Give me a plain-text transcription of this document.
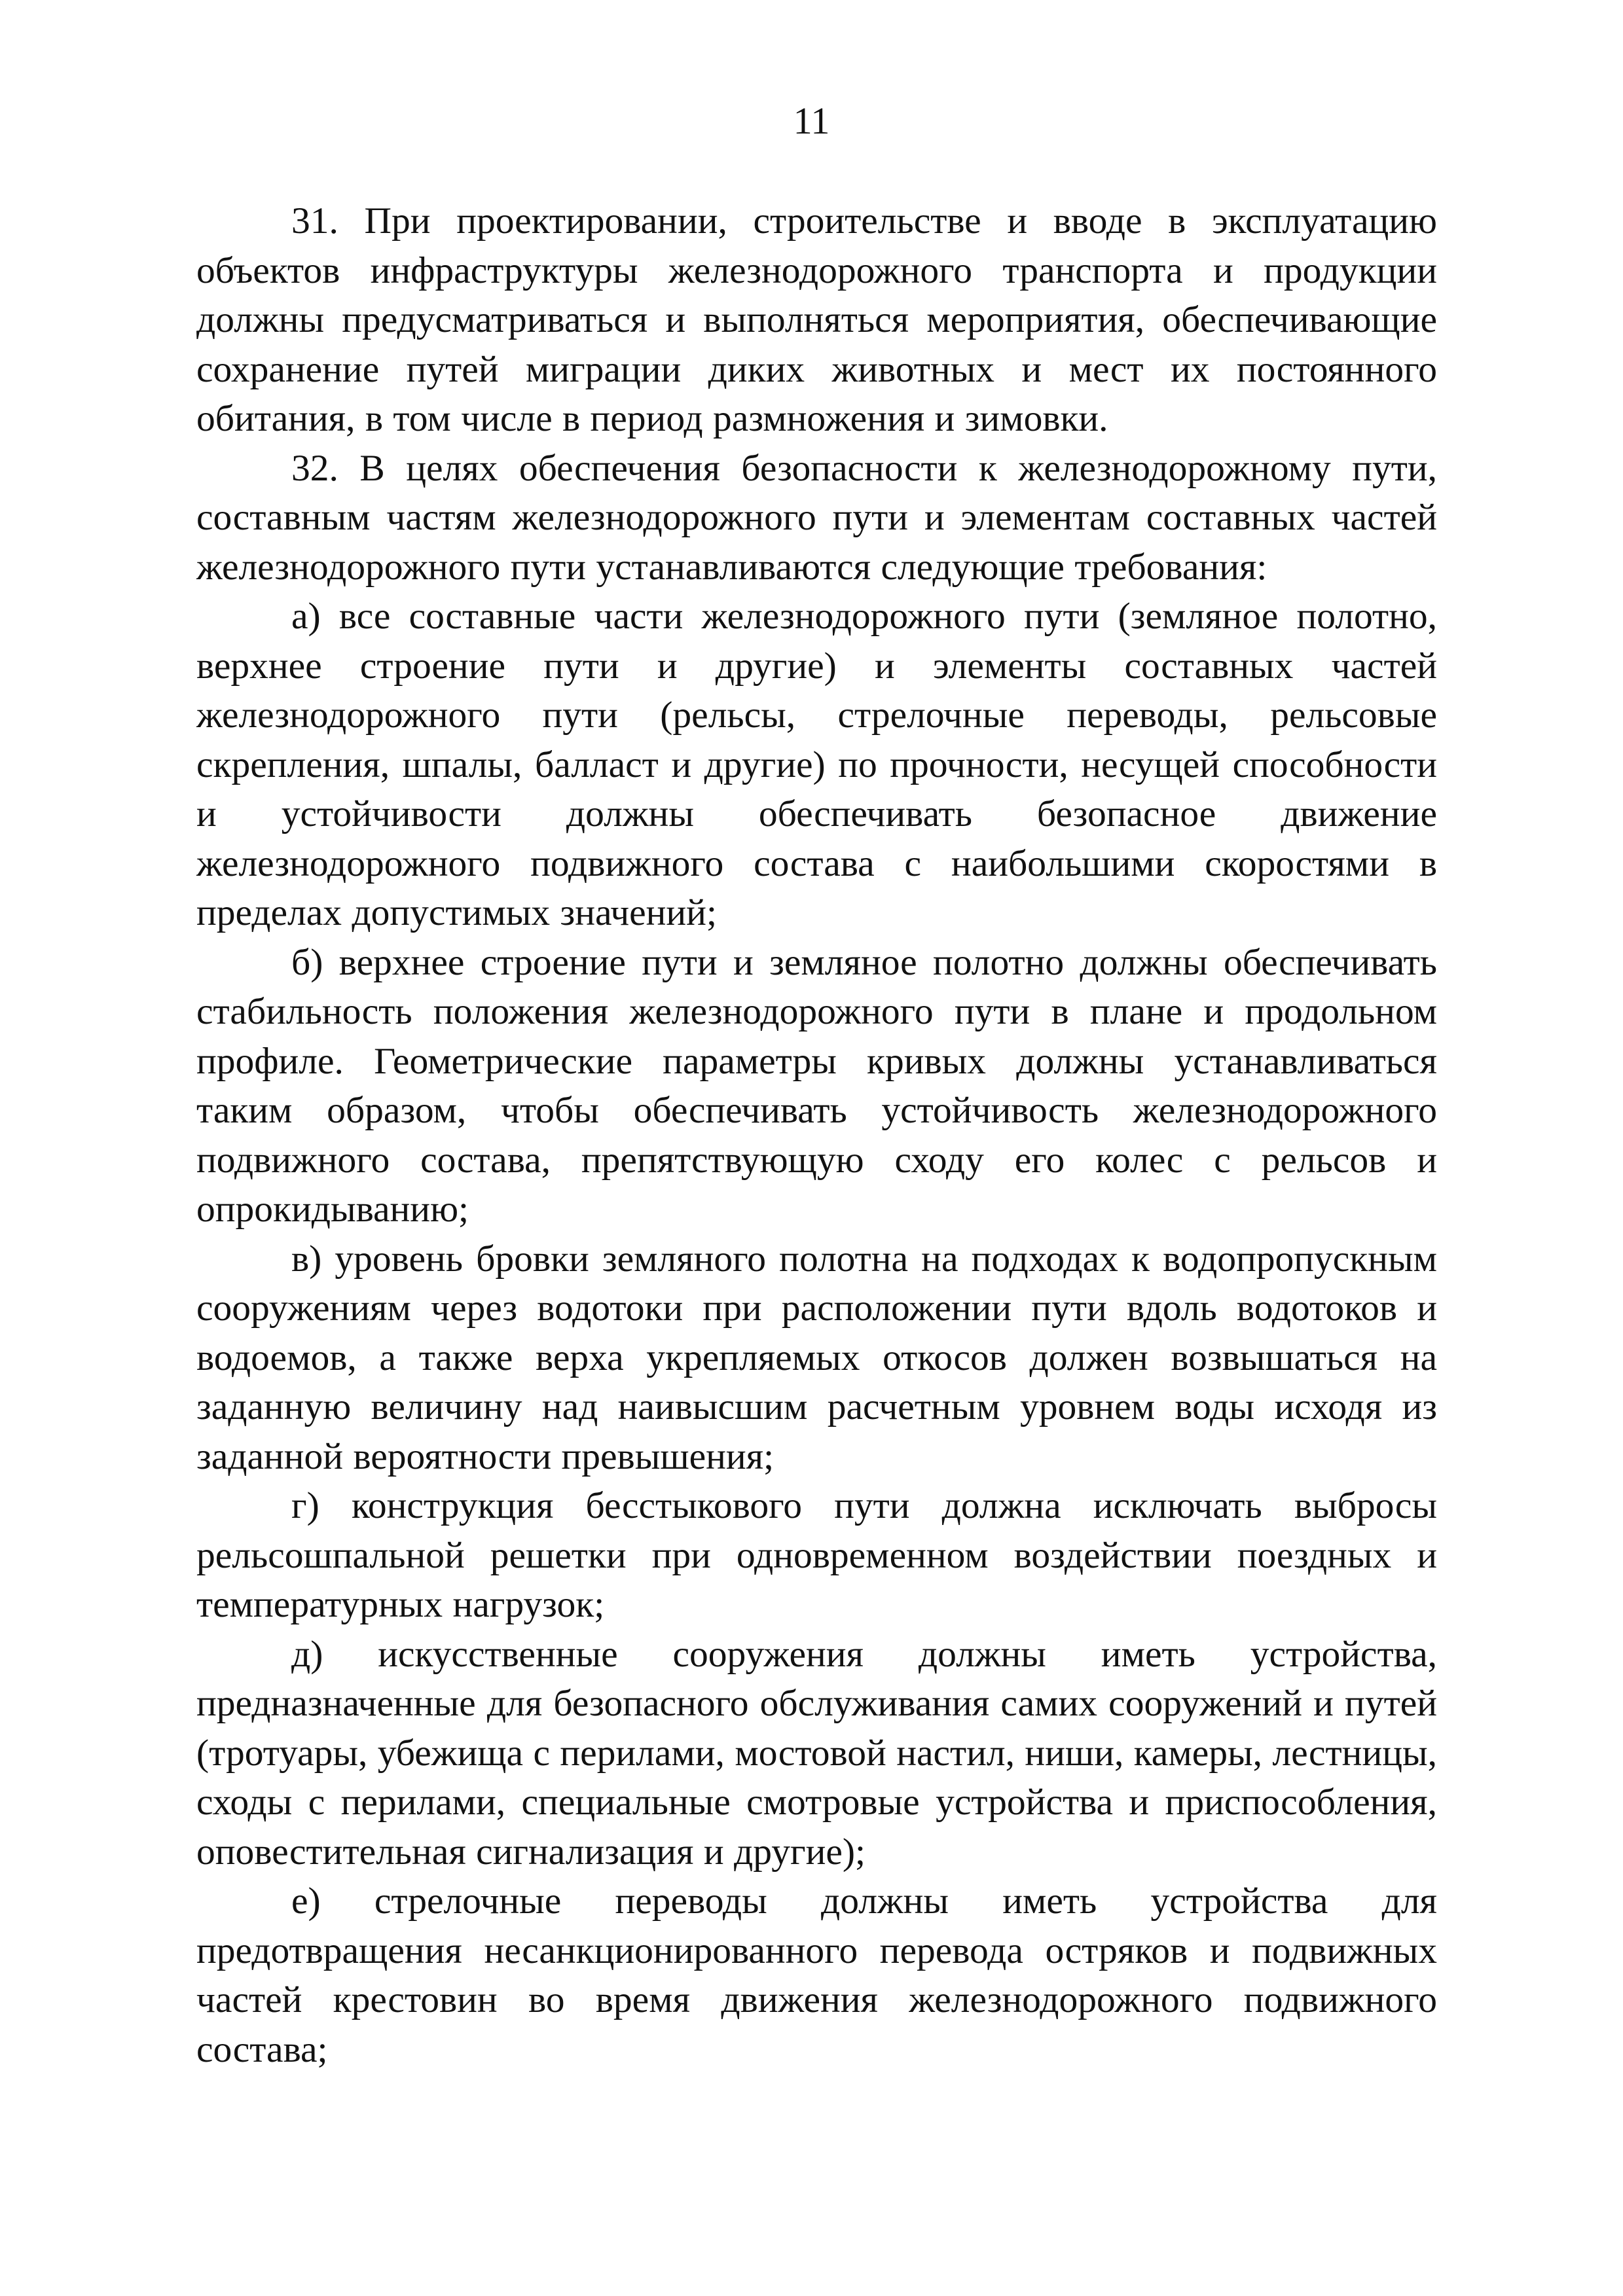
11

31. При проектировании, строительстве и вводе в эксплуатацию объектов инфраструктуры железнодорожного транспорта и продукции должны предусматриваться и выполняться мероприятия, обеспечивающие сохранение путей миграции диких животных и мест их постоянного обитания, в том числе в период размножения и зимовки.

32. В целях обеспечения безопасности к железнодорожному пути, составным частям железнодорожного пути и элементам составных частей железнодорожного пути устанавливаются следующие требования:

а) все составные части железнодорожного пути (земляное полотно, верхнее строение пути и другие) и элементы составных частей железнодорожного пути (рельсы, стрелочные переводы, рельсовые скрепления, шпалы, балласт и другие) по прочности, несущей способности и устойчивости должны обеспечивать безопасное движение железнодорожного подвижного состава с наибольшими скоростями в пределах допустимых значений;

б) верхнее строение пути и земляное полотно должны обеспечивать стабильность положения железнодорожного пути в плане и продольном профиле. Геометрические параметры кривых должны устанавливаться таким образом, чтобы обеспечивать устойчивость железнодорожного подвижного состава, препятствующую сходу его колес с рельсов и опрокидыванию;

в) уровень бровки земляного полотна на подходах к водопропускным сооружениям через водотоки при расположении пути вдоль водотоков и водоемов, а также верха укрепляемых откосов должен возвышаться на заданную величину над наивысшим расчетным уровнем воды исходя из заданной вероятности превышения;

г) конструкция бесстыкового пути должна исключать выбросы рельсошпальной решетки при одновременном воздействии поездных и температурных нагрузок;

д) искусственные сооружения должны иметь устройства, предназначенные для безопасного обслуживания самих сооружений и путей (тротуары, убежища с перилами, мостовой настил, ниши, камеры, лестницы, сходы с перилами, специальные смотровые устройства и приспособления, оповестительная сигнализация и другие);

е) стрелочные переводы должны иметь устройства для предотвращения несанкционированного перевода остряков и подвижных частей крестовин во время движения железнодорожного подвижного состава;
